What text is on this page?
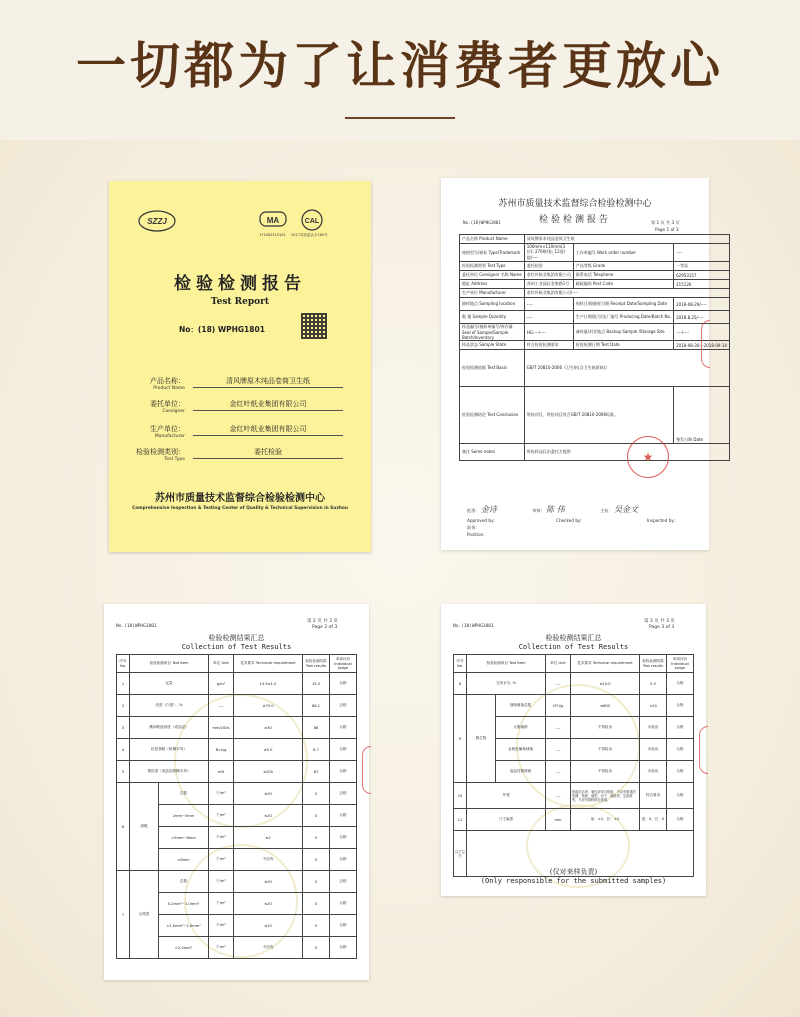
一切都为了让消费者更放心
SZZJ	MA
171000110101
CAL
2017苏质监认字165号
检验检测报告
Test Report
No：(18) WPHG1801
产品名称：
Product Name
清风牌原木纯品卷筒卫生纸
委托单位：
Consigner
金红叶纸业集团有限公司
生产单位：
Manufacturer
金红叶纸业集团有限公司
检验检测类别：
Test Type
委托检验
苏州市质量技术监督综合检验检测中心
Comprehensive Inspection & Testing Center of Quality & Technical Supervision in Suzhou
苏州市质量技术监督综合检验检测中心
检验检测报告
No.(18)WPHG1801	第 1 页 共 3 页
Page 1 of 3
产品名称 Product Name	清风牌原木纯品卷筒卫生纸		
规格型号/商标 Type/Trademark	106mm×110mm(3层); 270格/卷; 12卷/提/----	工作单编号 Work order number	----
检验检测类别 Test Type	委托检验	产品等级 Grade	一等品
委托单位 Consigner 名称 Name	金红叶纸业集团有限公司	联系电话 Telephone	62953157
地址 Address	苏州工业园区金胜路1号	邮政编码 Post Code	215126
生产单位 Manufacturer	金红叶纸业集团有限公司/----		
抽样地点 Sampling location	----	到样日期/抽样日期 Receipt Date/Sampling Date	2018-08-29/----
数 量 Sample Quantity	----	生产日期/批号/出厂编号 Producing Date/Batch No.	2018.8.25/----
样品编号/抽样单编号/库存量 Seal of Sample/Sample Batch/Inventory	HG----/----	备样量/封存地点 Backup Sample /Storage Site	----/----
样品状态 Sample State	符合检验检测要求	检验检测日期 Test Date	2018-08-30---2018-09-14
检验检测依据 Test Basis	GB/T 20810-2006《卫生纸(含卫生纸原纸)》		
检验检测结论 Test Conclusion	所检项目，所检项目符合GB/T 20810-2006标准。		签发日期 Date
备注 Some notes	所检样品仅由委托方提供		
批准： 金诗	审核： 陈 伟	主检： 吴金文
Approved by:	Checked by:	Inspected by:
职务：
Position:
★
No.(18)WPHG1801
第 2 页 共 3 页
Page 2 of 3
检验检测结果汇总
Collection of Test Results
序号 No.	检验检测项目 Test Item		单位 Unit	技术要求 Technical requirement	检验检测结果 Test results	单项评价 Individual Judge
1	定量		g/m²	14.9±1.0	15.5	合格
2	亮度（白度）, %		----	≥75.0	86.1	合格
3	横向吸液高度（成品层）		mm/100s	≥30	68	合格
4	抗张指数（纵横平均）		N·m/g	≥5.0	6.7	合格
5	柔软度（成品层纵横平均）		mN	≤200	87	合格
6	洞眼	总数	个/m²	≤20	0	合格
		2mm~5mm	个/m²	≤20	0	合格
		>5mm~8mm	个/m²	≤2	0	合格
		>8mm	个/m²	不应有	0	合格
7	尘埃度	总数	个/m²	≤20	0	合格
		0.2mm²~1.0mm²	个/m²	≤20	0	合格
		>1.0mm²~2.0mm²	个/m²	≤10	0	合格
		>2.0mm²	个/m²	不应有	0	合格
No.(18)WPHG1801
第 3 页 共 3 页
Page 3 of 3
检验检测结果汇总
Collection of Test Results
序号 No.	检验检测项目 Test Item		单位 Unit	技术要求 Technical requirement	检验检测结果 Test results	单项评价 Individual Judge
8	交货水分, %		----	≤10.0	5.5	合格
9	微生物	细菌菌落总数	CFU/g	≤600	<20	合格
		大肠菌群	----	不得检出	未检出	合格
		金黄色葡萄球菌	----	不得检出	未检出	合格
		溶血性链球菌	----	不得检出	未检出	合格
10	外观		----	纸面应洁净，皱纹应均匀细致，不应有明显的死褶、残缺、破损、沙子、硬质块、生纸屑等，不应有掉粉掉毛现象。	符合要求	合格
11	尺寸偏差		mm	宽：±2，长：±2	宽：0，长：0	合格
以下空白						
(仅对来样负责)
(Only responsible for the submitted samples)
